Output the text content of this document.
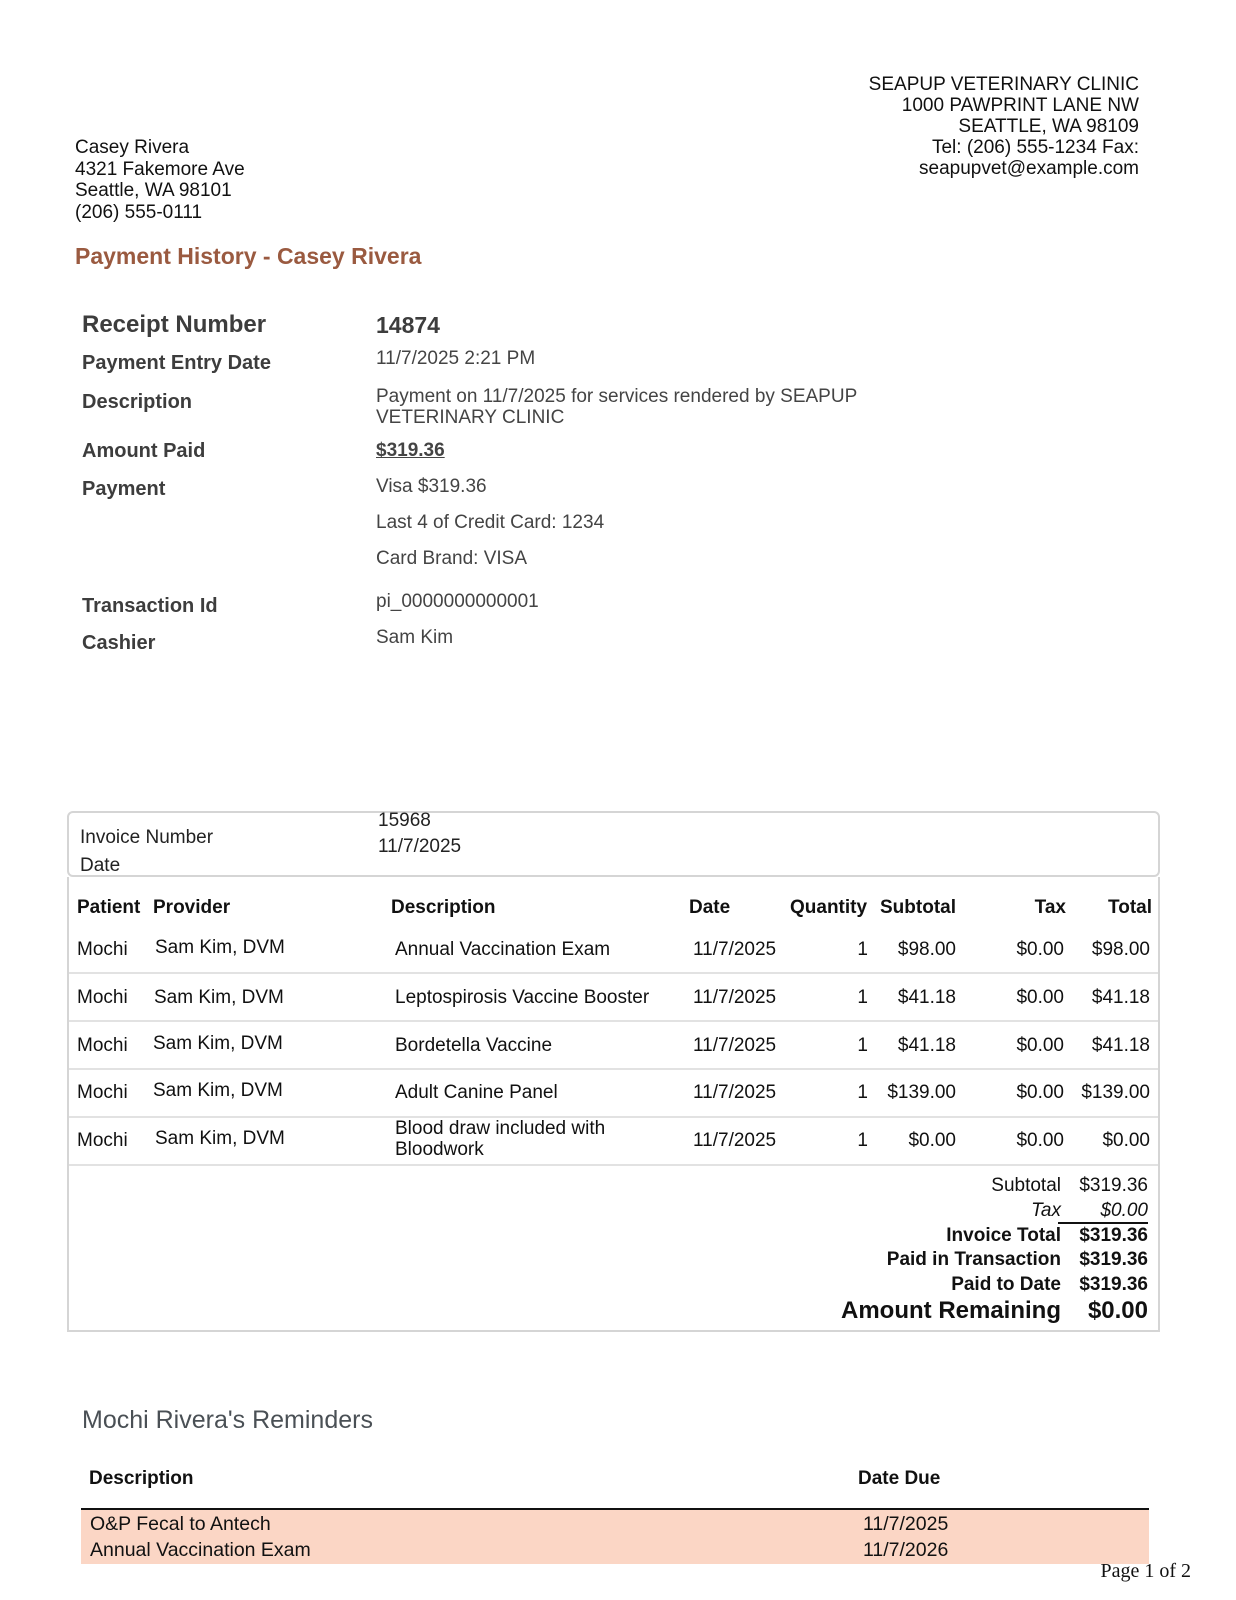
SEAPUP VETERINARY CLINIC
1000 PAWPRINT LANE NW
SEATTLE, WA 98109
Tel: (206) 555-1234 Fax:
seapupvet@example.com
Casey Rivera
4321 Fakemore Ave
Seattle, WA 98101
(206) 555-0111
Payment History - Casey Rivera
Receipt Number	14874
Payment Entry Date	11/7/2025 2:21 PM
Description	Payment on 11/7/2025 for services rendered by SEAPUP VETERINARY CLINIC
Amount Paid	$319.36
Payment	Visa $319.36
Last 4 of Credit Card: 1234
Card Brand: VISA
Transaction Id	pi_0000000000001
Cashier	Sam Kim
Invoice Number
15968
Date
11/7/2025
Patient Provider	Description	Date	Quantity Subtotal	Tax Total
Mochi Sam Kim, DVM	Annual Vaccination Exam	11/7/2025	1 $98.00	$0.00 $98.00
Mochi Sam Kim, DVM	Leptospirosis Vaccine Booster 11/7/2025	1 $41.18	$0.00 $41.18
Mochi Sam Kim, DVM	Bordetella Vaccine	11/7/2025	1 $41.18	$0.00 $41.18
Mochi Sam Kim, DVM	Adult Canine Panel	11/7/2025	1 $139.00	$0.00 $139.00
Mochi Sam Kim, DVM	Blood draw included with Bloodwork	11/7/2025	1 $0.00	$0.00 $0.00
Subtotal $319.36
Tax	$0.00
Invoice Total $319.36
Paid in Transaction $319.36
Paid to Date $319.36
Amount Remaining	$0.00
Mochi Rivera's Reminders
Description	Date Due
O&P Fecal to Antech	11/7/2025
Annual Vaccination Exam	11/7/2026
Page 1 of 2
